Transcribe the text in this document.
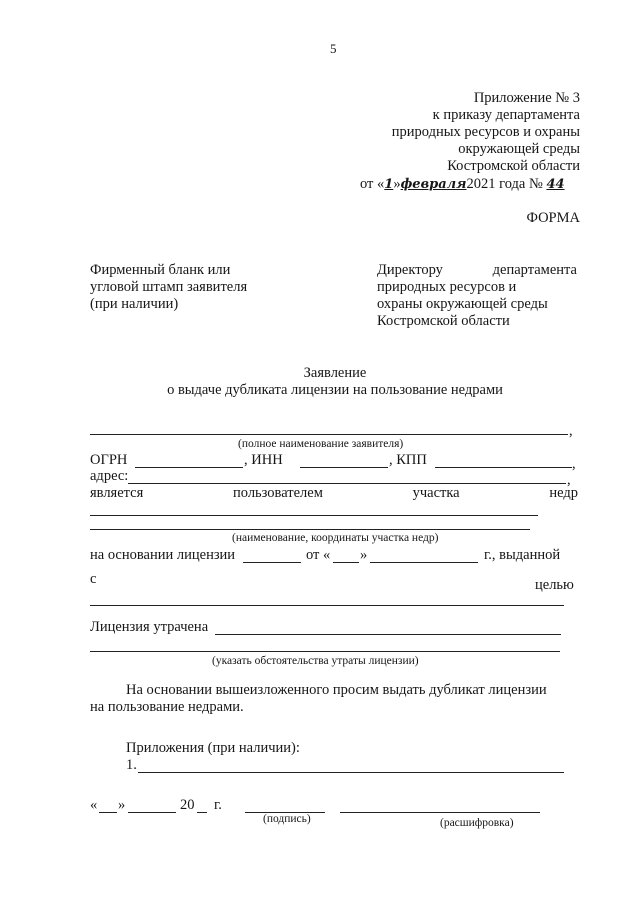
5
Приложение № 3
к приказу департамента
природных ресурсов и охраны
окружающей среды
Костромской области
от «1»февраля2021 года № 44
ФОРМА
Фирменный бланк или
угловой штамп заявителя
(при наличии)
Директору	департамента
природных ресурсов и
охраны окружающей среды
Костромской области
Заявление
о выдаче дубликата лицензии на пользование недрами
,
(полное наименование заявителя)
ОГРН	, ИНН	, КПП	,
адрес:	,
является	пользователем	участка	недр
(наименование, координаты участка недр)
на основании лицензии	от « »	г., выданной
с	целью
Лицензия утрачена
(указать обстоятельства утраты лицензии)
На основании вышеизложенного просим выдать дубликат лицензии
на пользование недрами.
Приложения (при наличии):
1.
« »	20 г.
(подпись)	(расшифровка)
